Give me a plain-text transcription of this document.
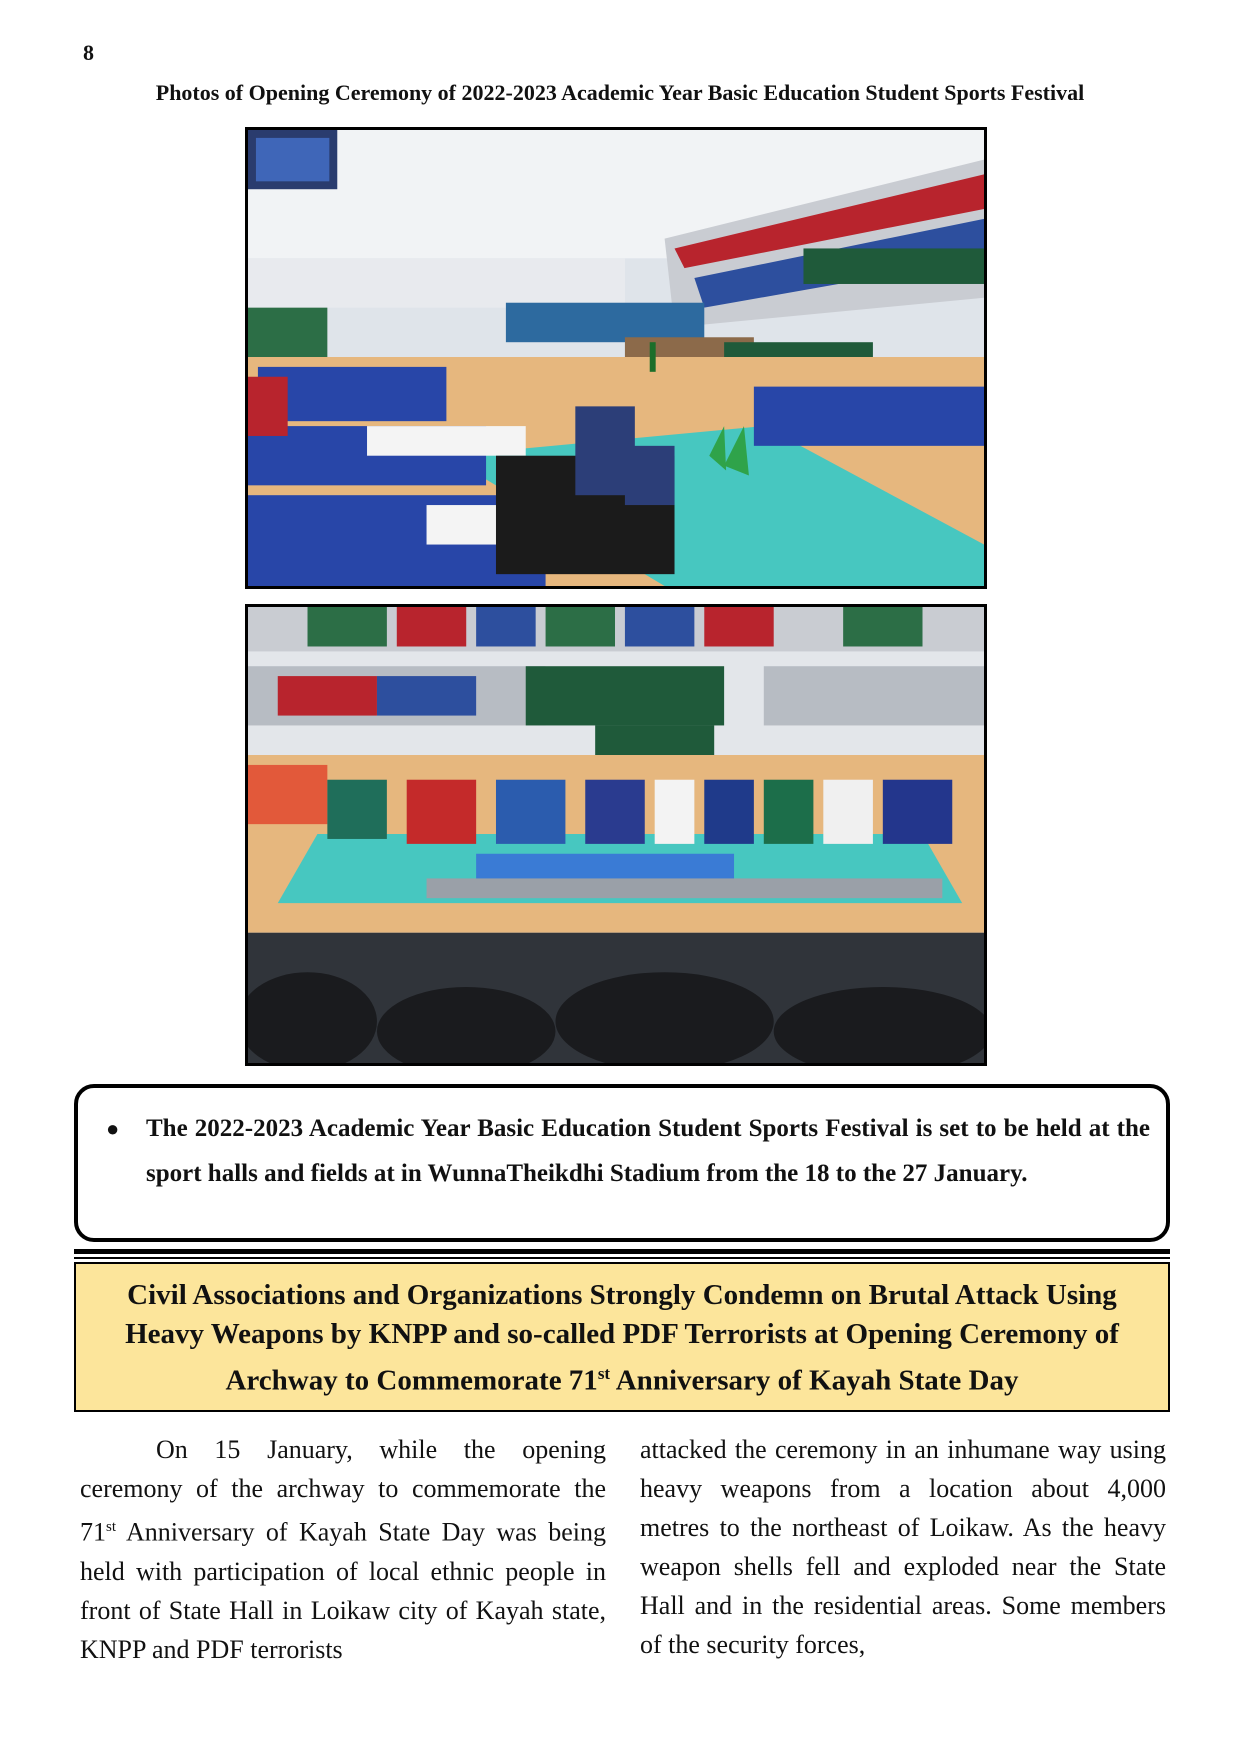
8
Photos of Opening Ceremony of 2022-2023 Academic Year Basic Education Student Sports Festival
● The 2022-2023 Academic Year Basic Education Student Sports Festival is set to be held at the sport halls and fields at in WunnaTheikdhi Stadium from the 18 to the 27 January.

Civil Associations and Organizations Strongly Condemn on Brutal Attack Using

Heavy Weapons by KNPP and so-called PDF Terrorists at Opening Ceremony of

Archway to Commemorate 71st Anniversary of Kayah State Day

On 15 January, while the opening ceremony of the archway to commemorate the 71st Anniversary of Kayah State Day was being held with participation of local ethnic people in front of State Hall in Loikaw city of Kayah state, KNPP and PDF terrorists
attacked the ceremony in an inhumane way using heavy weapons from a location about 4,000 metres to the northeast of Loikaw. As the heavy weapon shells fell and exploded near the State Hall and in the residential areas. Some members of the security forces,
